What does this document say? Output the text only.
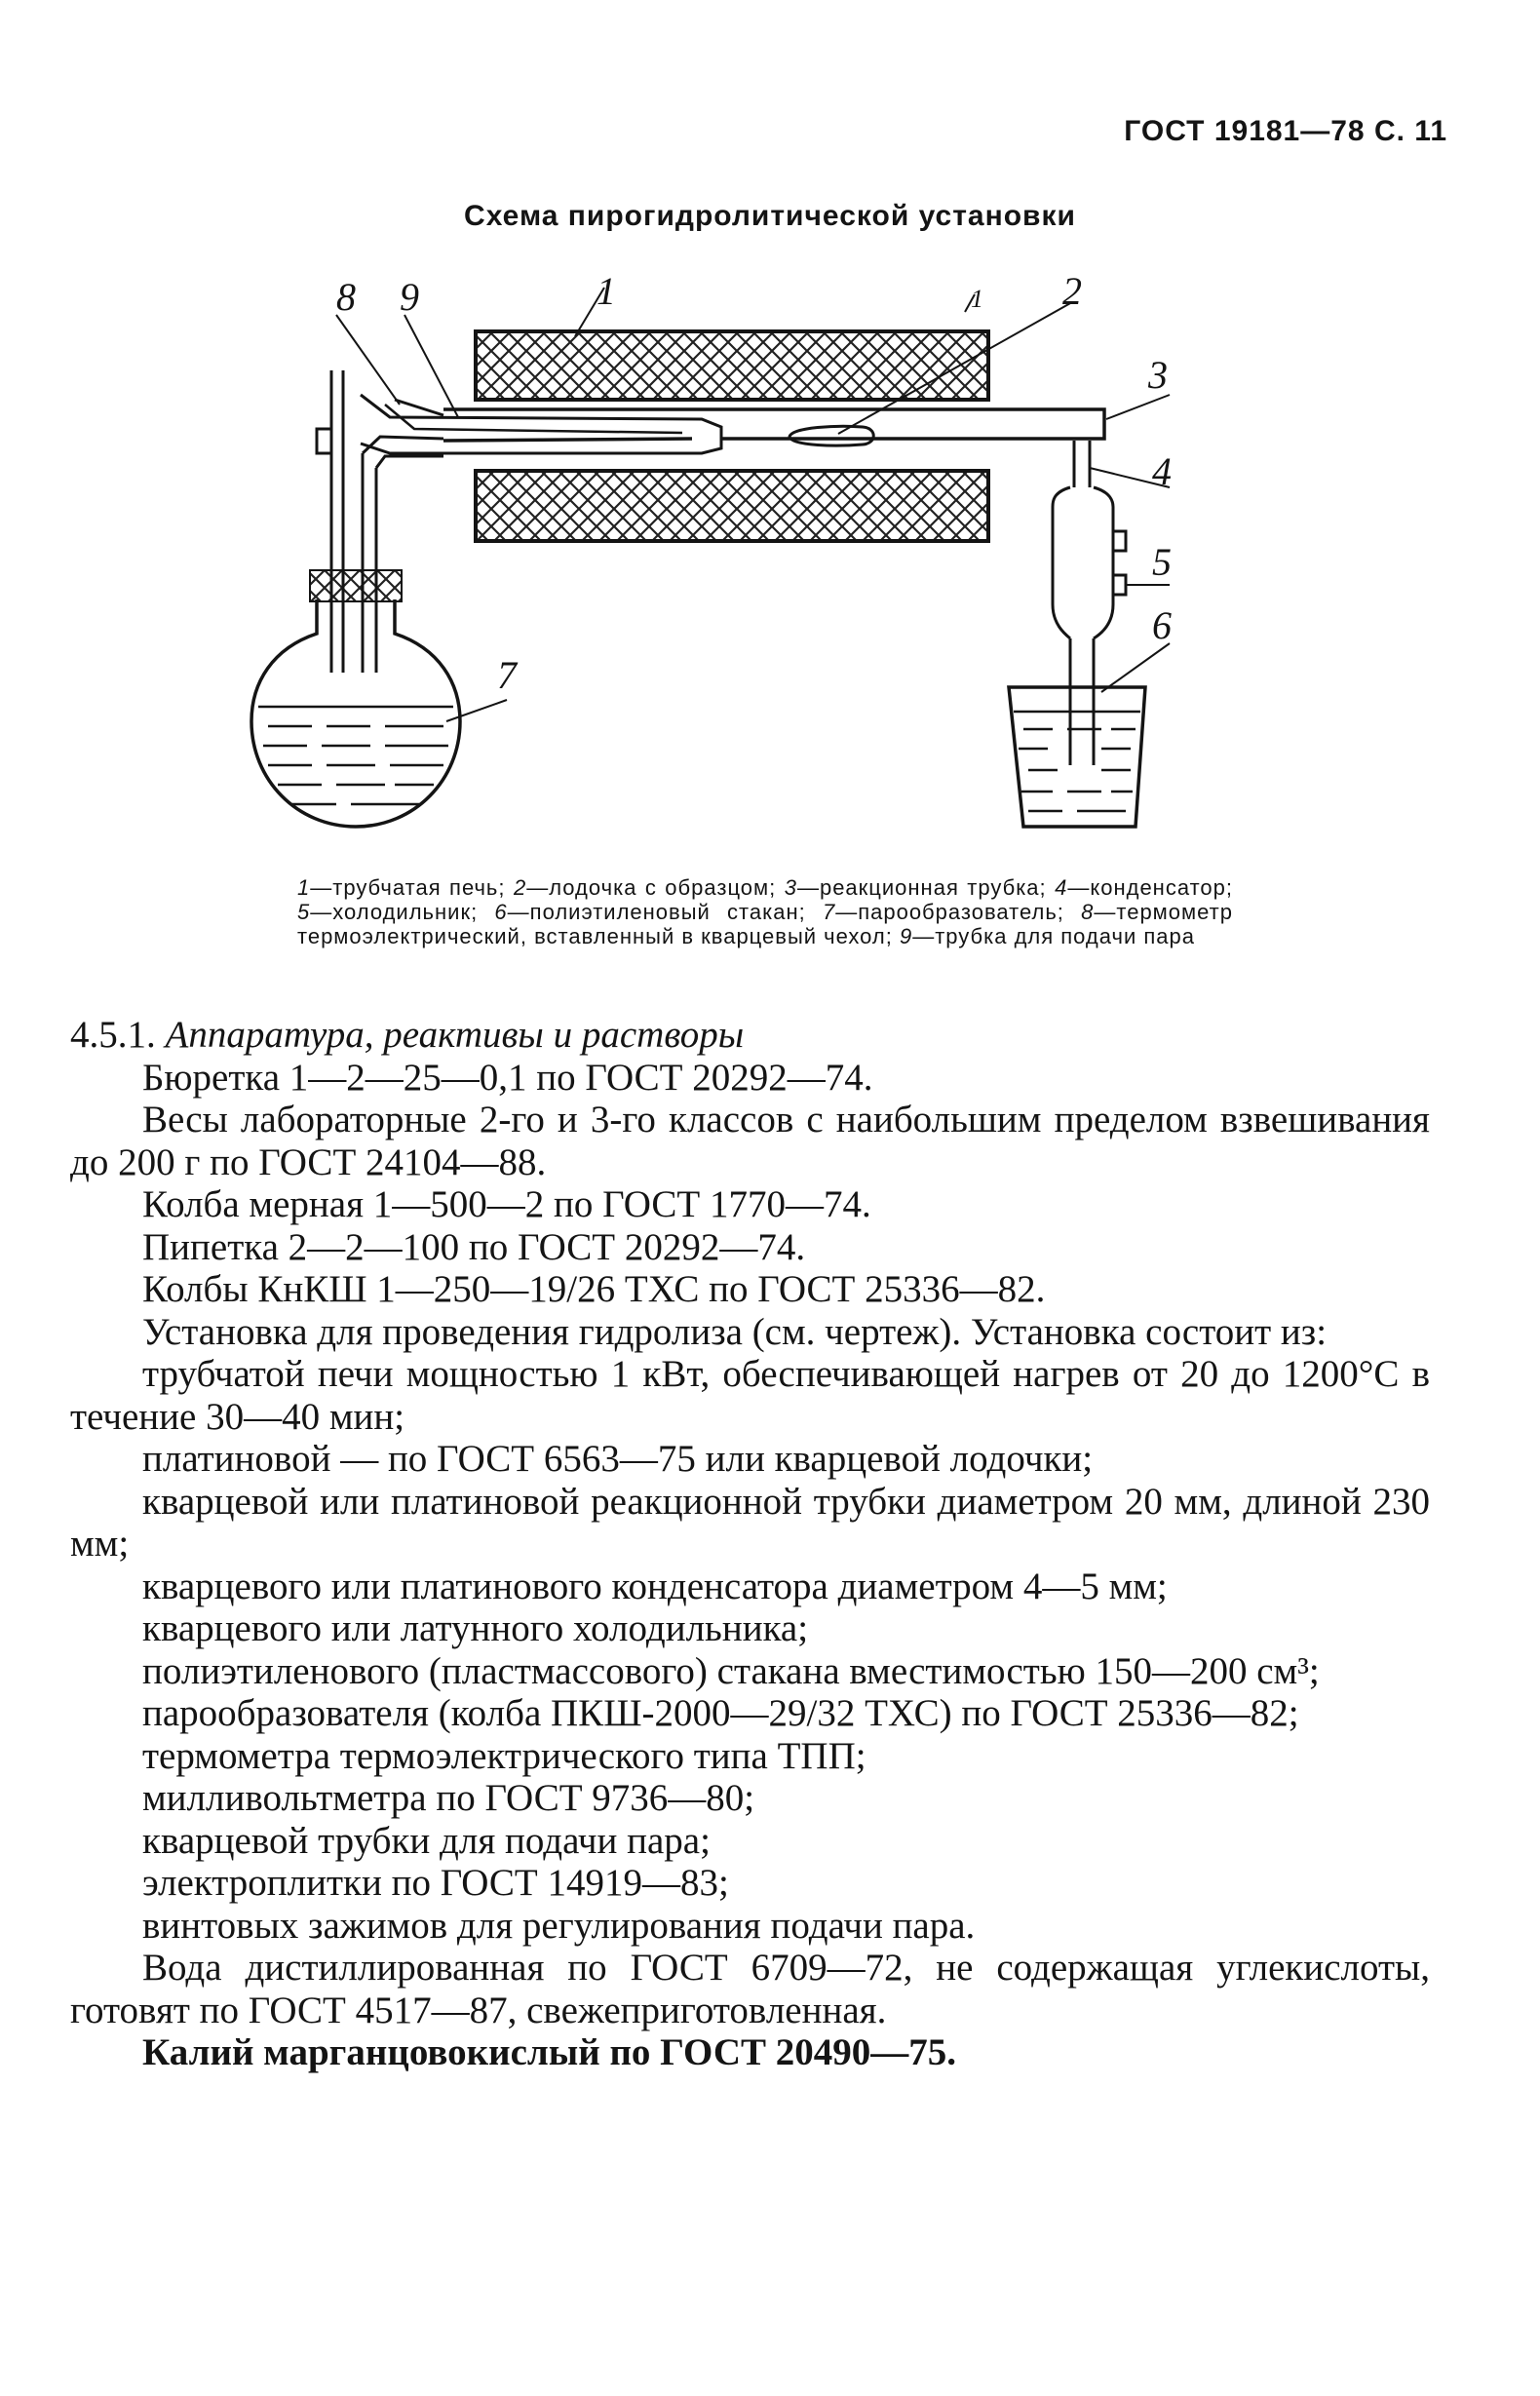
ГОСТ 19181—78 С. 11
Схема пирогидролитической установки
8 9	1	1 2
3
4
5
6
7
1—трубчатая печь; 2—лодочка с образцом; 3—реакционная трубка; 4—конденсатор; 5—холодильник; 6—полиэтиленовый стакан; 7—парообразователь; 8—термометр термоэлектрический, вставленный в кварцевый чехол; 9—трубка для подачи пара

4.5.1. Аппаратура, реактивы и растворы

Бюретка 1—2—25—0,1 по ГОСТ 20292—74.

Весы лабораторные 2-го и 3-го классов с наибольшим пределом взвешивания до 200 г по ГОСТ 24104—88.

Колба мерная 1—500—2 по ГОСТ 1770—74.

Пипетка 2—2—100 по ГОСТ 20292—74.

Колбы КнКШ 1—250—19/26 ТХС по ГОСТ 25336—82.

Установка для проведения гидролиза (см. чертеж). Установка состоит из:

трубчатой печи мощностью 1 кВт, обеспечивающей нагрев от 20 до 1200°С в течение 30—40 мин;

платиновой — по ГОСТ 6563—75 или кварцевой лодочки;

кварцевой или платиновой реакционной трубки диаметром 20 мм, длиной 230 мм;

кварцевого или платинового конденсатора диаметром 4—5 мм;

кварцевого или латунного холодильника;

полиэтиленового (пластмассового) стакана вместимостью 150—200 см³;

парообразователя (колба ПКШ-2000—29/32 ТХС) по ГОСТ 25336—82;

термометра термоэлектрического типа ТПП;

милливольтметра по ГОСТ 9736—80;

кварцевой трубки для подачи пара;

электроплитки по ГОСТ 14919—83;

винтовых зажимов для регулирования подачи пара.

Вода дистиллированная по ГОСТ 6709—72, не содержащая углекислоты, готовят по ГОСТ 4517—87, свежеприготовленная.

Калий марганцовокислый по ГОСТ 20490—75.
